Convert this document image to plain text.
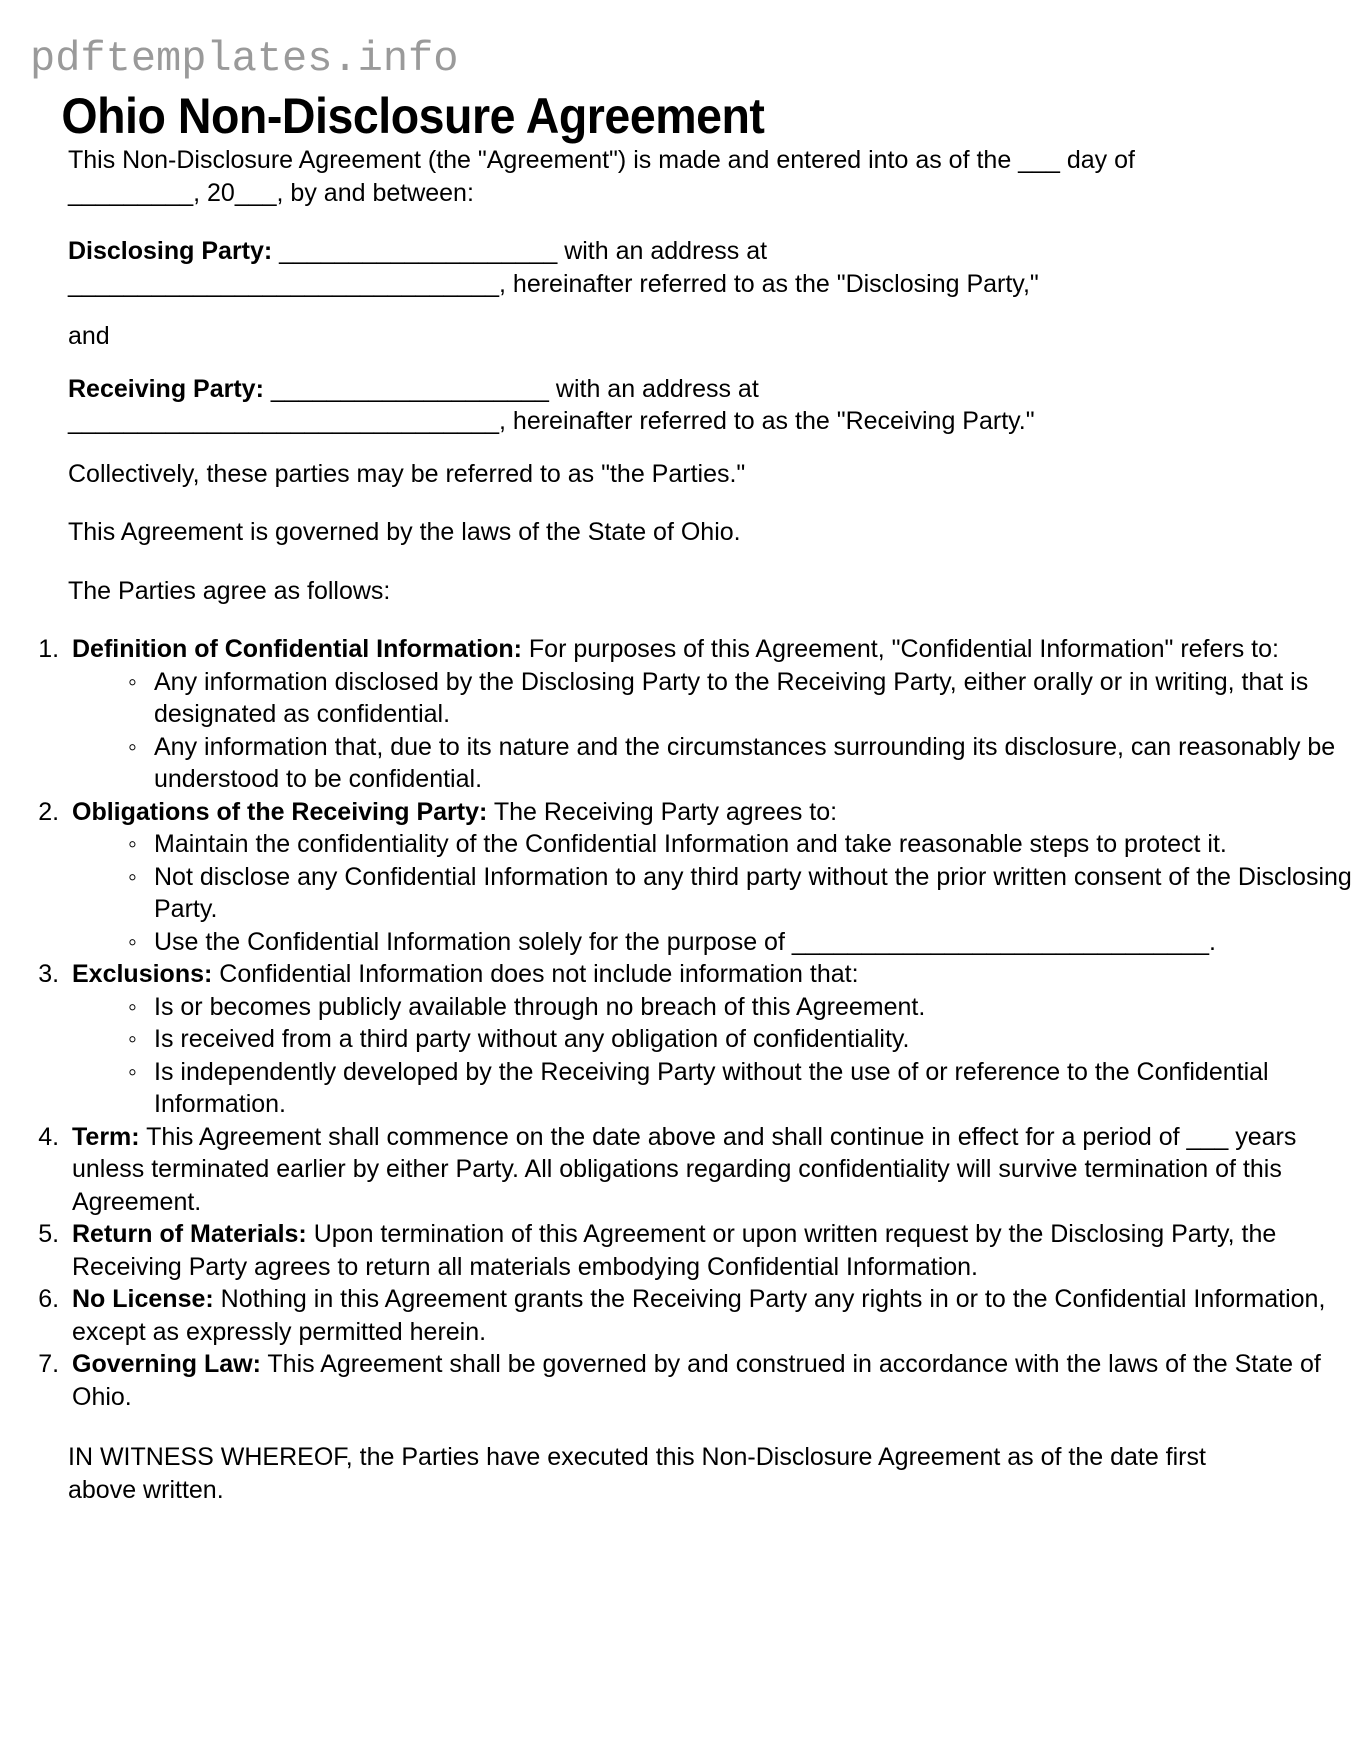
pdftemplates.info
Ohio Non-Disclosure Agreement

This Non-Disclosure Agreement (the "Agreement") is made and entered into as of the ___ day of _________, 20___, by and between:

Disclosing Party: ____________________ with an address at
_______________________________, hereinafter referred to as the "Disclosing Party,"

and

Receiving Party: ____________________ with an address at
_______________________________, hereinafter referred to as the "Receiving Party."

Collectively, these parties may be referred to as "the Parties."

This Agreement is governed by the laws of the State of Ohio.

The Parties agree as follows:

1. Definition of Confidential Information: For purposes of this Agreement, "Confidential Information" refers to:
◦ Any information disclosed by the Disclosing Party to the Receiving Party, either orally or in writing, that is designated as confidential.
◦ Any information that, due to its nature and the circumstances surrounding its disclosure, can reasonably be understood to be confidential.
2. Obligations of the Receiving Party: The Receiving Party agrees to:
◦ Maintain the confidentiality of the Confidential Information and take reasonable steps to protect it.
◦ Not disclose any Confidential Information to any third party without the prior written consent of the Disclosing Party.
◦ Use the Confidential Information solely for the purpose of ______________________________.
3. Exclusions: Confidential Information does not include information that:
◦ Is or becomes publicly available through no breach of this Agreement.
◦ Is received from a third party without any obligation of confidentiality.
◦ Is independently developed by the Receiving Party without the use of or reference to the Confidential Information.
4. Term: This Agreement shall commence on the date above and shall continue in effect for a period of ___ years unless terminated earlier by either Party. All obligations regarding confidentiality will survive termination of this Agreement.
5. Return of Materials: Upon termination of this Agreement or upon written request by the Disclosing Party, the Receiving Party agrees to return all materials embodying Confidential Information.
6. No License: Nothing in this Agreement grants the Receiving Party any rights in or to the Confidential Information, except as expressly permitted herein.
7. Governing Law: This Agreement shall be governed by and construed in accordance with the laws of the State of Ohio.

IN WITNESS WHEREOF, the Parties have executed this Non-Disclosure Agreement as of the date first above written.
